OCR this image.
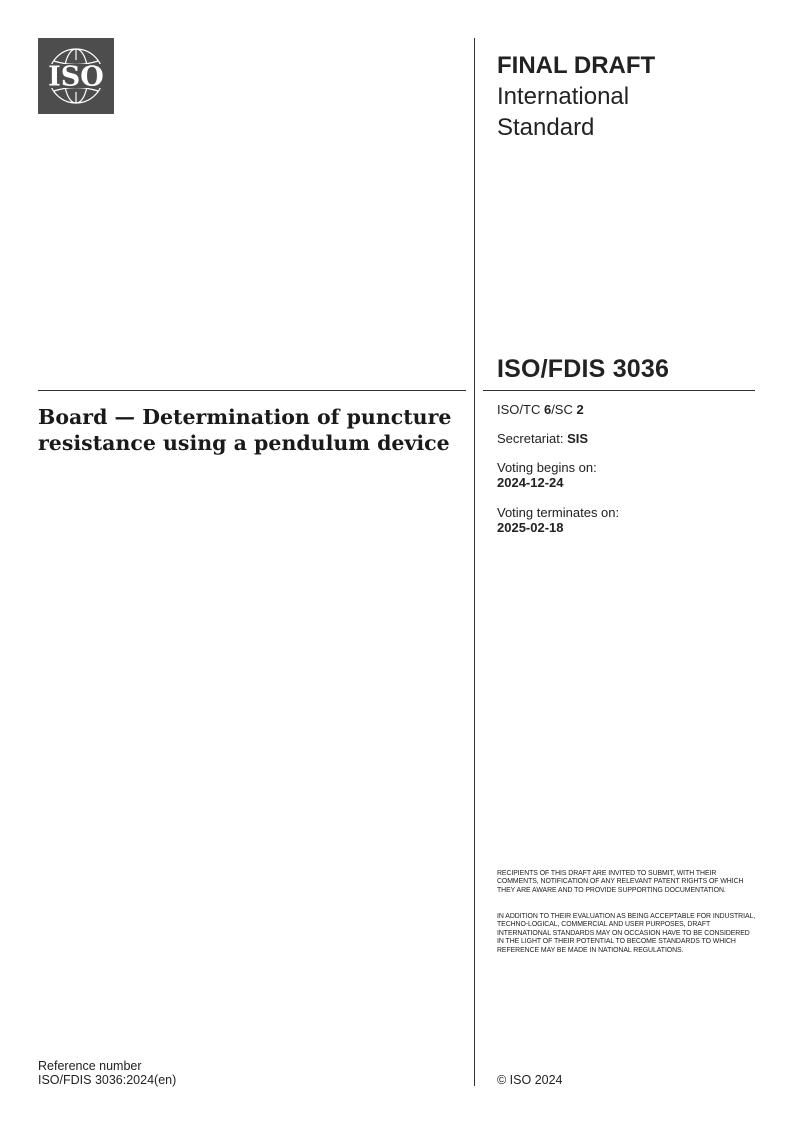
ISO	FINAL DRAFT
International
Standard
ISO/FDIS 3036
Board — Determination of puncture
resistance using a pendulum device
ISO/TC 6/SC 2
Secretariat: SIS
Voting begins on:
2024-12-24
Voting terminates on:
2025-02-18
RECIPIENTS OF THIS DRAFT ARE INVITED TO SUBMIT, WITH THEIR COMMENTS, NOTIFICATION OF ANY RELEVANT PATENT RIGHTS OF WHICH THEY ARE AWARE AND TO PROVIDE SUPPORTING DOCUMENTATION.
IN ADDITION TO THEIR EVALUATION AS BEING ACCEPTABLE FOR INDUSTRIAL, TECHNO-LOGICAL, COMMERCIAL AND USER PURPOSES, DRAFT INTERNATIONAL STANDARDS MAY ON OCCASION HAVE TO BE CONSIDERED IN THE LIGHT OF THEIR POTENTIAL TO BECOME STANDARDS TO WHICH REFERENCE MAY BE MADE IN NATIONAL REGULATIONS.
Reference number
ISO/FDIS 3036:2024(en)	© ISO 2024
